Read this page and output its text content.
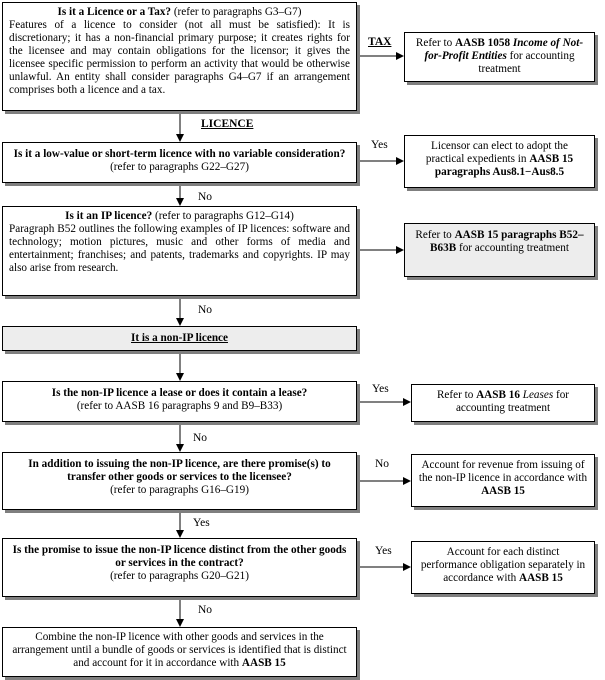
Is it a Licence or a Tax? (refer to paragraphs G3–G7)
Features of a licence to consider (not all must be satisfied): It is discretionary; it has a non-financial primary purpose; it creates rights for the licensee and may contain obligations for the licensor; it gives the licensee specific permission to perform an activity that would be otherwise unlawful. An entity shall consider paragraphs G4–G7 if an arrangement comprises both a licence and a tax.
TAX	Refer to AASB 1058 Income of Not-for-Profit Entities for accounting treatment
LICENCE
Is it a low-value or short-term licence with no variable consideration? (refer to paragraphs G22–G27)
Yes	Licensor can elect to adopt the practical expedients in AASB 15 paragraphs Aus8.1−Aus8.5
No
Is it an IP licence? (refer to paragraphs G12–G14)
Paragraph B52 outlines the following examples of IP licences: software and technology; motion pictures, music and other forms of media and entertainment; franchises; and patents, trademarks and copyrights. IP may also arise from research.
Refer to AASB 15 paragraphs B52–B63B for accounting treatment
No
It is a non-IP licence
Is the non-IP licence a lease or does it contain a lease?
(refer to AASB 16 paragraphs 9 and B9–B33)
Yes	Refer to AASB 16 Leases for accounting treatment
No
In addition to issuing the non-IP licence, are there promise(s) to transfer other goods or services to the licensee?
(refer to paragraphs G16–G19)
No	Account for revenue from issuing of the non-IP licence in accordance with AASB 15
Yes
Is the promise to issue the non-IP licence distinct from the other goods or services in the contract?
(refer to paragraphs G20–G21)
Yes	Account for each distinct performance obligation separately in accordance with AASB 15
No
Combine the non-IP licence with other goods and services in the arrangement until a bundle of goods or services is identified that is distinct and account for it in accordance with AASB 15
